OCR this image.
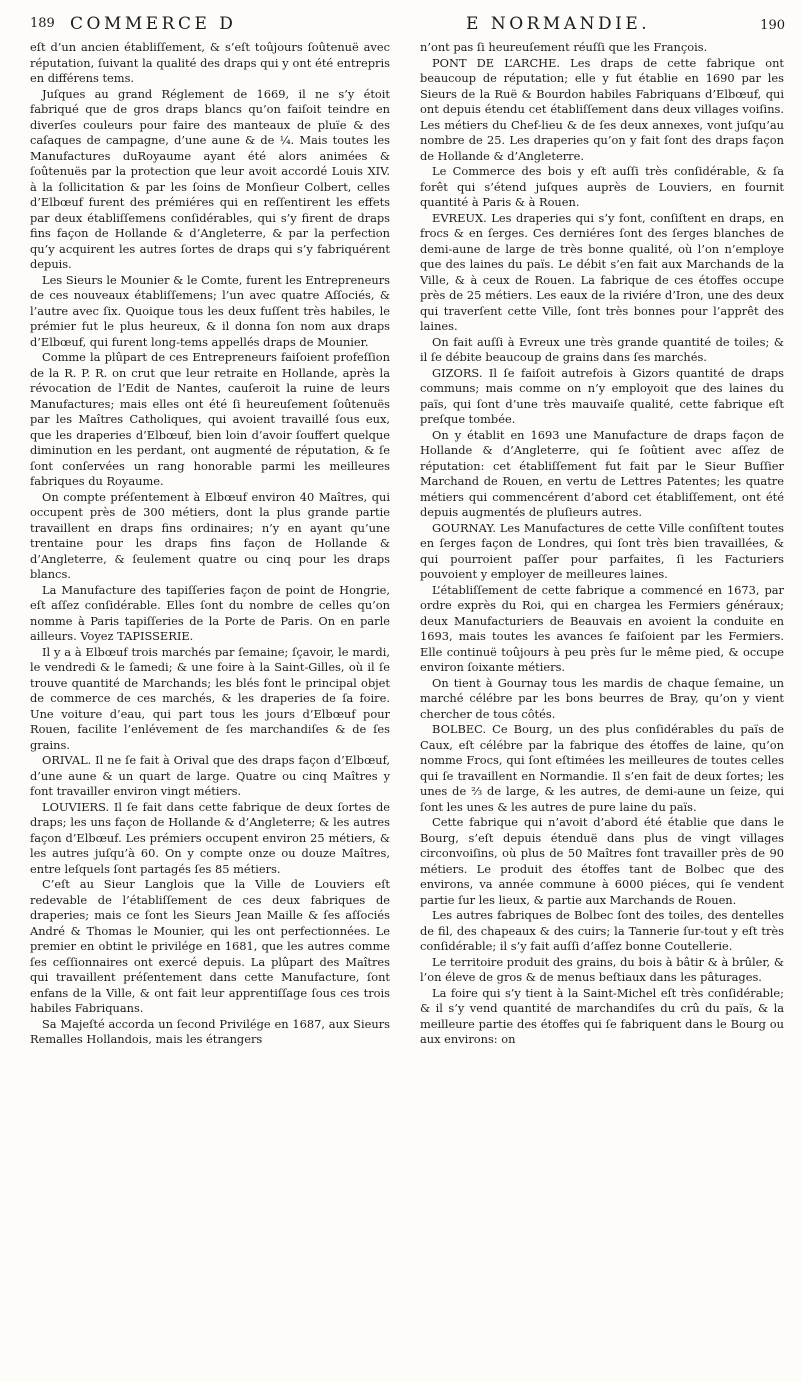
189 COMMERCE D	E NORMANDIE.	190

eſt d’un ancien établiſſement, & s’eſt toûjours ſoûtenuë avec réputation, ſuivant la qualité des draps qui y ont été entrepris en différens tems.

Juſques au grand Réglement de 1669, il ne s’y étoit fabriqué que de gros draps blancs qu’on faiſoit teindre en diverſes couleurs pour faire des manteaux de pluïe & des caſaques de campagne, d’une aune & de ¼. Mais toutes les Manufactures duRoyaume ayant été alors animées & ſoûtenuës par la protection que leur avoit accordé Louis XIV. à la ſollicitation & par les ſoins de Monſieur Colbert, celles d’Elbœuf furent des prémiéres qui en reſſentirent les effets par deux établiſſemens conſidérables, qui s’y firent de draps fins façon de Hollande & d’Angleterre, & par la perfection qu’y acquirent les autres ſortes de draps qui s’y fabriquérent depuis.

Les Sieurs le Mounier & le Comte, furent les Entrepreneurs de ces nouveaux établiſſemens; l’un avec quatre Aſſociés, & l’autre avec ſix. Quoique tous les deux fuſſent très habiles, le prémier fut le plus heureux, & il donna ſon nom aux draps d’Elbœuf, qui furent long-tems appellés draps de Mounier.

Comme la plûpart de ces Entrepreneurs faiſoient profeſſion de la R. P. R. on crut que leur retraite en Hollande, après la révocation de l’Edit de Nantes, cauſeroit la ruine de leurs Manufactures; mais elles ont été ſi heureuſement ſoûtenuës par les Maîtres Catholiques, qui avoient travaillé ſous eux, que les draperies d’Elbœuf, bien loin d’avoir ſouffert quelque diminution en les perdant, ont augmenté de réputation, & ſe ſont conſervées un rang honorable parmi les meilleures fabriques du Royaume.

On compte préſentement à Elbœuf environ 40 Maîtres, qui occupent près de 300 métiers, dont la plus grande partie travaillent en draps fins ordinaires; n’y en ayant qu’une trentaine pour les draps fins façon de Hollande & d’Angleterre, & ſeulement quatre ou cinq pour les draps blancs.

La Manufacture des tapiſſeries façon de point de Hongrie, eſt aſſez conſidérable. Elles ſont du nombre de celles qu’on nomme à Paris tapiſſeries de la Porte de Paris. On en parle ailleurs. Voyez TAPISSERIE.

Il y a à Elbœuf trois marchés par ſemaine; ſçavoir, le mardi, le vendredi & le ſamedi; & une foire à la Saint-Gilles, où il ſe trouve quantité de Marchands; les blés font le principal objet de commerce de ces marchés, & les draperies de ſa foire. Une voiture d’eau, qui part tous les jours d’Elbœuf pour Rouen, facilite l’enlévement de ſes marchandiſes & de ſes grains.

ORIVAL. Il ne ſe fait à Orival que des draps façon d’Elbœuf, d’une aune & un quart de large. Quatre ou cinq Maîtres y font travailler environ vingt métiers.

LOUVIERS. Il ſe fait dans cette fabrique de deux ſortes de draps; les uns façon de Hollande & d’Angleterre; & les autres façon d’Elbœuf. Les prémiers occupent environ 25 métiers, & les autres juſqu’à 60. On y compte onze ou douze Maîtres, entre leſquels ſont partagés ſes 85 métiers.

C’eſt au Sieur Langlois que la Ville de Louviers eſt redevable de l’établiſſement de ces deux fabriques de draperies; mais ce ſont les Sieurs Jean Maille & ſes aſſociés André & Thomas le Mounier, qui les ont perfectionnées. Le premier en obtint le privilége en 1681, que les autres comme ſes ceſſionnaires ont exercé depuis. La plûpart des Maîtres qui travaillent préſentement dans cette Manufacture, ſont enfans de la Ville, & ont fait leur apprentiſſage ſous ces trois habiles Fabriquans.

Sa Majeſté accorda un ſecond Privilége en 1687, aux Sieurs Remalles Hollandois, mais les étrangers

n’ont pas ſi heureuſement réuſſi que les François.

PONT DE L’ARCHE. Les draps de cette fabrique ont beaucoup de réputation; elle y fut établie en 1690 par les Sieurs de la Ruë & Bourdon habiles Fabriquans d’Elbœuf, qui ont depuis étendu cet établiſſement dans deux villages voiſins. Les métiers du Chef-lieu & de ſes deux annexes, vont juſqu’au nombre de 25. Les draperies qu’on y fait ſont des draps façon de Hollande & d’Angleterre.

Le Commerce des bois y eſt auſſi très conſidérable, & ſa forêt qui s’étend juſques auprès de Louviers, en fournit quantité à Paris & à Rouen.

EVREUX. Les draperies qui s’y font, conſiſtent en draps, en frocs & en ſerges. Ces derniéres ſont des ſerges blanches de demi-aune de large de très bonne qualité, où l’on n’employe que des laines du païs. Le débit s’en fait aux Marchands de la Ville, & à ceux de Rouen. La fabrique de ces étoffes occupe près de 25 métiers. Les eaux de la riviére d’Iron, une des deux qui traverſent cette Ville, ſont très bonnes pour l’apprêt des laines.

On fait auſſi à Evreux une très grande quantité de toiles; & il ſe débite beaucoup de grains dans ſes marchés.

GIZORS. Il ſe faiſoit autrefois à Gizors quantité de draps communs; mais comme on n’y employoit que des laines du païs, qui ſont d’une très mauvaiſe qualité, cette fabrique eſt preſque tombée.

On y établit en 1693 une Manufacture de draps façon de Hollande & d’Angleterre, qui ſe ſoûtient avec aſſez de réputation: cet établiſſement fut fait par le Sieur Buſſier Marchand de Rouen, en vertu de Lettres Patentes; les quatre métiers qui commencérent d’abord cet établiſſement, ont été depuis augmentés de pluſieurs autres.

GOURNAY. Les Manufactures de cette Ville conſiſtent toutes en ſerges façon de Londres, qui ſont très bien travaillées, & qui pourroient paſſer pour parfaites, ſi les Facturiers pouvoient y employer de meilleures laines.

L’établiſſement de cette fabrique a commencé en 1673, par ordre exprès du Roi, qui en chargea les Fermiers généraux; deux Manufacturiers de Beauvais en avoient la conduite en 1693, mais toutes les avances ſe faiſoient par les Fermiers. Elle continuë toûjours à peu près ſur le même pied, & occupe environ ſoixante métiers.

On tient à Gournay tous les mardis de chaque ſemaine, un marché célébre par les bons beurres de Bray, qu’on y vient chercher de tous côtés.

BOLBEC. Ce Bourg, un des plus conſidérables du païs de Caux, eſt célébre par la fabrique des étoffes de laine, qu’on nomme Frocs, qui ſont eſtimées les meilleures de toutes celles qui ſe travaillent en Normandie. Il s’en fait de deux ſortes; les unes de ⅔ de large, & les autres, de demi-aune un ſeize, qui ſont les unes & les autres de pure laine du païs.

Cette fabrique qui n’avoit d’abord été établie que dans le Bourg, s’eſt depuis étenduë dans plus de vingt villages circonvoiſins, où plus de 50 Maîtres font travailler près de 90 métiers. Le produit des étoffes tant de Bolbec que des environs, va année commune à 6000 piéces, qui ſe vendent partie ſur les lieux, & partie aux Marchands de Rouen.

Les autres fabriques de Bolbec ſont des toiles, des dentelles de fil, des chapeaux & des cuirs; la Tannerie ſur-tout y eſt très conſidérable; il s’y fait auſſi d’aſſez bonne Coutellerie.

Le territoire produit des grains, du bois à bâtir & à brûler, & l’on éleve de gros & de menus beſtiaux dans les pâturages.

La foire qui s’y tient à la Saint-Michel eſt très conſidérable; & il s’y vend quantité de marchandiſes du crû du païs, & la meilleure partie des étoffes qui ſe fabriquent dans le Bourg ou aux environs: on
